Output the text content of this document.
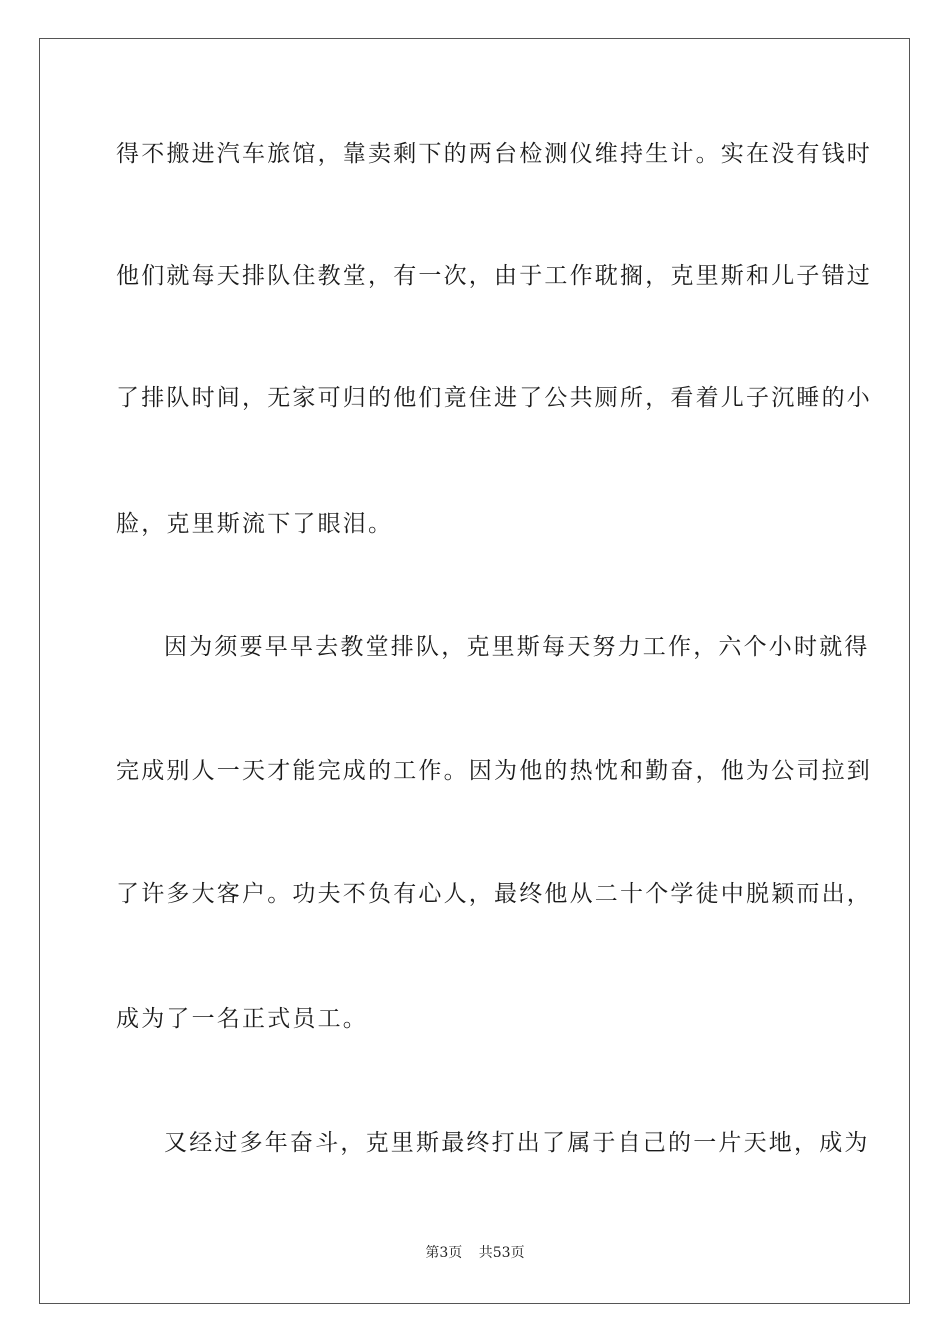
得不搬进汽车旅馆，靠卖剩下的两台检测仪维持生计。实在没有钱时
他们就每天排队住教堂，有一次，由于工作耽搁，克里斯和儿子错过
了排队时间，无家可归的他们竟住进了公共厕所，看着儿子沉睡的小
脸，克里斯流下了眼泪。
因为须要早早去教堂排队，克里斯每天努力工作，六个小时就得
完成别人一天才能完成的工作。因为他的热忱和勤奋，他为公司拉到
了许多大客户。功夫不负有心人，最终他从二十个学徒中脱颖而出，
成为了一名正式员工。
又经过多年奋斗，克里斯最终打出了属于自己的一片天地，成为
第3页 共53页
